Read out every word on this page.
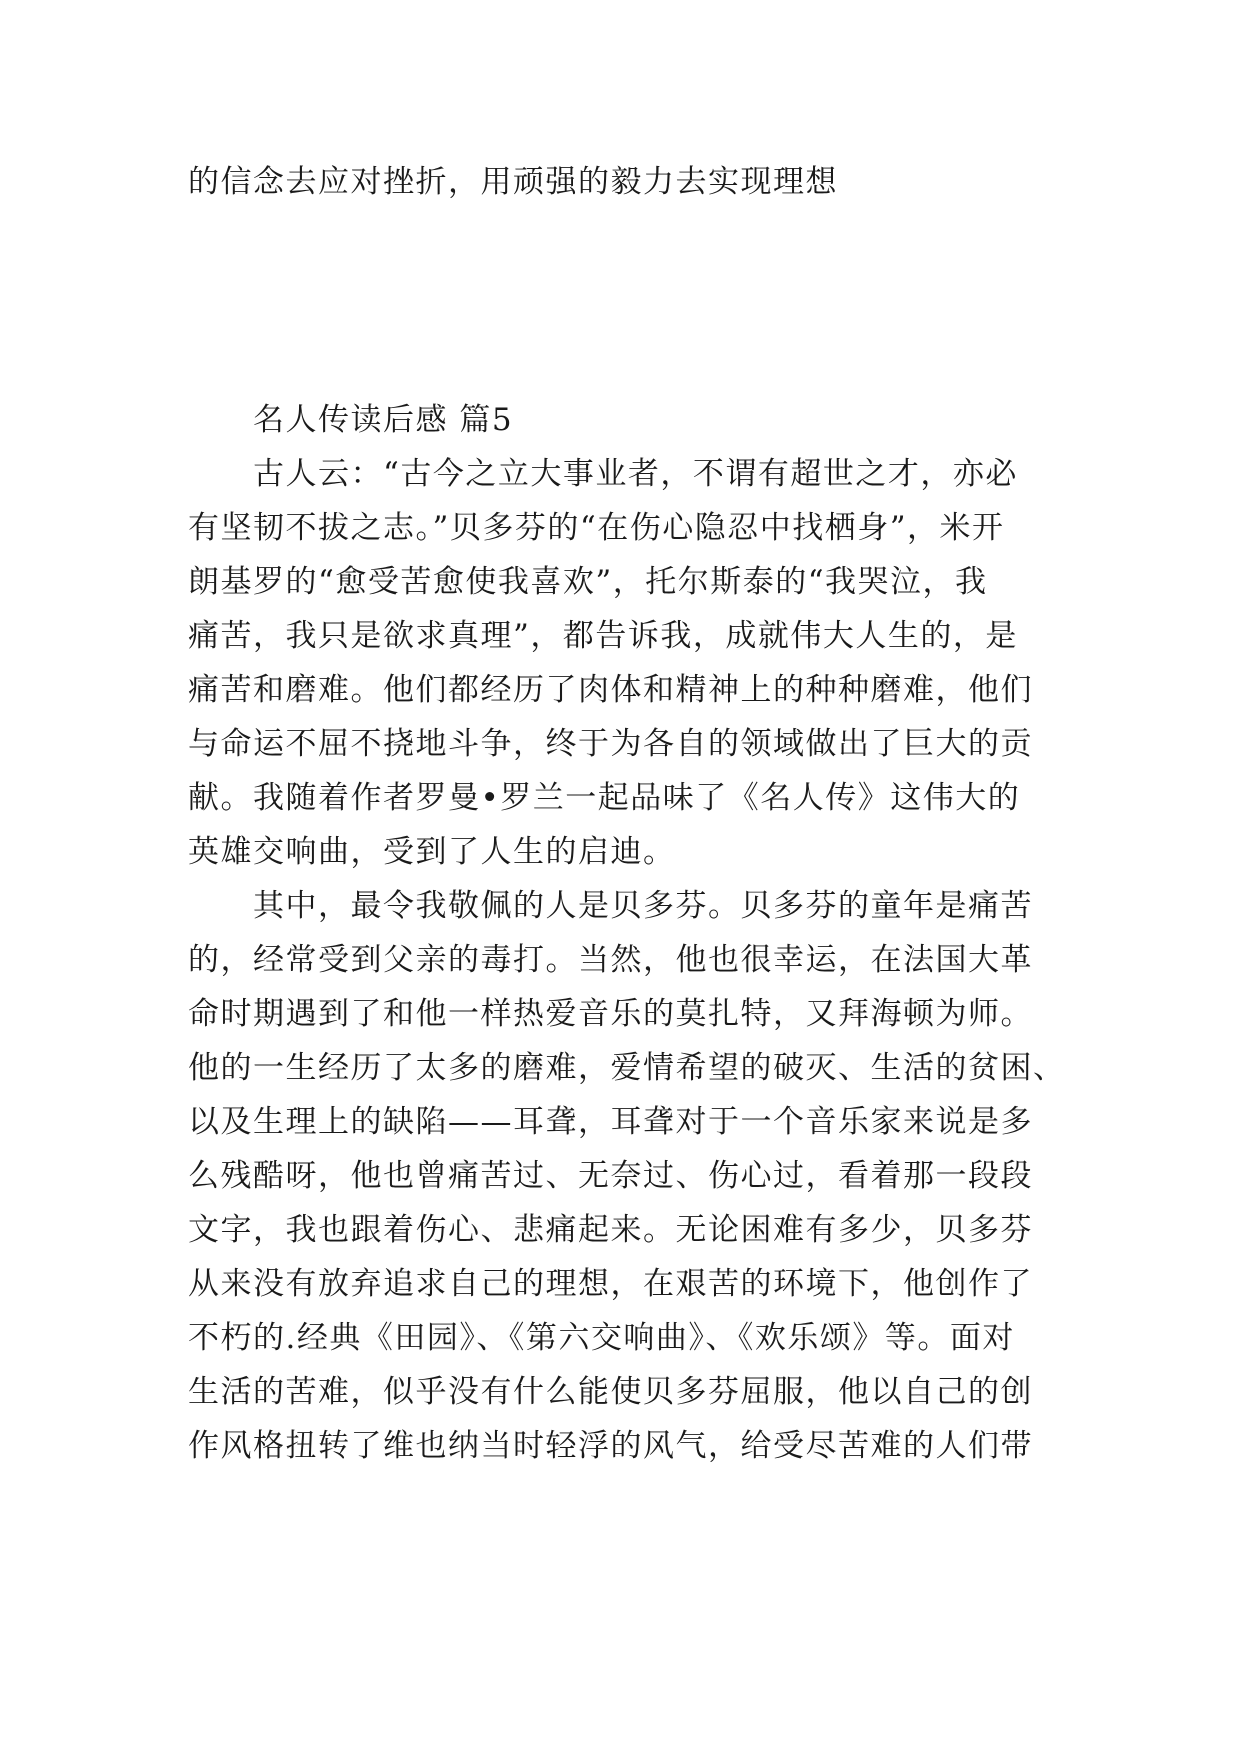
的信念去应对挫折，用顽强的毅力去实现理想
名人传读后感 篇5
　　古人云：“古今之立大事业者，不谓有超世之才，亦必
有坚韧不拔之志。”贝多芬的“在伤心隐忍中找栖身”，米开
朗基罗的“愈受苦愈使我喜欢”，托尔斯泰的“我哭泣，我
痛苦，我只是欲求真理”，都告诉我，成就伟大人生的，是
痛苦和磨难。他们都经历了肉体和精神上的种种磨难，他们
与命运不屈不挠地斗争，终于为各自的领域做出了巨大的贡
献。我随着作者罗曼•罗兰一起品味了《名人传》这伟大的
英雄交响曲，受到了人生的启迪。
　　其中，最令我敬佩的人是贝多芬。贝多芬的童年是痛苦
的，经常受到父亲的毒打。当然，他也很幸运，在法国大革
命时期遇到了和他一样热爱音乐的莫扎特，又拜海顿为师。
他的一生经历了太多的磨难，爱情希望的破灭、生活的贫困、
以及生理上的缺陷——耳聋，耳聋对于一个音乐家来说是多
么残酷呀，他也曾痛苦过、无奈过、伤心过，看着那一段段
文字，我也跟着伤心、悲痛起来。无论困难有多少，贝多芬
从来没有放弃追求自己的理想，在艰苦的环境下，他创作了
不朽的.经典《田园》、《第六交响曲》、《欢乐颂》等。面对
生活的苦难，似乎没有什么能使贝多芬屈服，他以自己的创
作风格扭转了维也纳当时轻浮的风气，给受尽苦难的人们带
